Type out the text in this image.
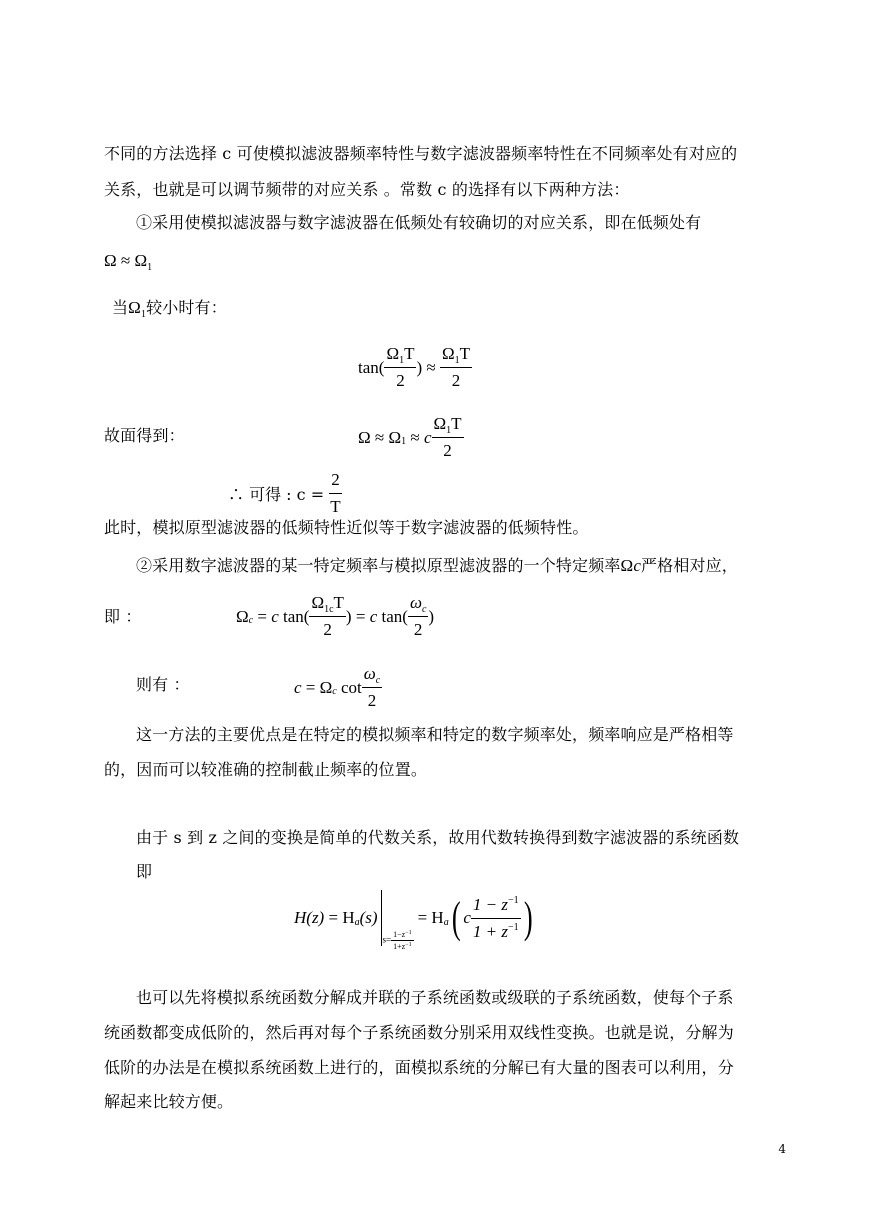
不同的方法选择 c 可使模拟滤波器频率特性与数字滤波器频率特性在不同频率处有对应的
关系，也就是可以调节频带的对应关系 。常数 c 的选择有以下两种方法：
①采用使模拟滤波器与数字滤波器在低频处有较确切的对应关系，即在低频处有
$\Omega \approx \Omega_1$
当$\Omega_1$较小时有：
tan ( $\frac{\Omega_1T}{2}$ )
≈
$\frac{\Omega_1T}{2}$
故面得到：	Ω
≈
Ω 1
≈
c $\frac{\Omega_1T}{2}$
∴ 可得 : c =
$\frac{2}{T}$
此时，模拟原型滤波器的低频特性近似等于数字滤波器的低频特性。
②采用数字滤波器的某一特定频率与模拟原型滤波器的一个特定频率Ωc严格相对应，
即 ：	Ω c
=
c
tan ( $\frac{\Omega_{1c}T}{2}$ )
=
c
tan ( $\frac{\omega_c}{2}$ )
则有 ：	c
=
Ω c
$\cot \frac{\omega_c}{2}$
这一方法的主要优点是在特定的模拟频率和特定的数字频率处，频率响应是严格相等
的，因而可以较准确的控制截止频率的位置。
由于 s 到 z 之间的变换是简单的代数关系，故用代数转换得到数字滤波器的系统函数
即
H(z)
=
H a (s)
$s= \frac{1-z^{-1}}{1+z^{-1}}$
=
H a ( c $\frac{1 - z^{-1}}{1 + z^{-1}}$ )
也可以先将模拟系统函数分解成并联的子系统函数或级联的子系统函数，使每个子系
统函数都变成低阶的，然后再对每个子系统函数分别采用双线性变换。也就是说，分解为
低阶的办法是在模拟系统函数上进行的，面模拟系统的分解已有大量的图表可以利用，分
解起来比较方便。
4
